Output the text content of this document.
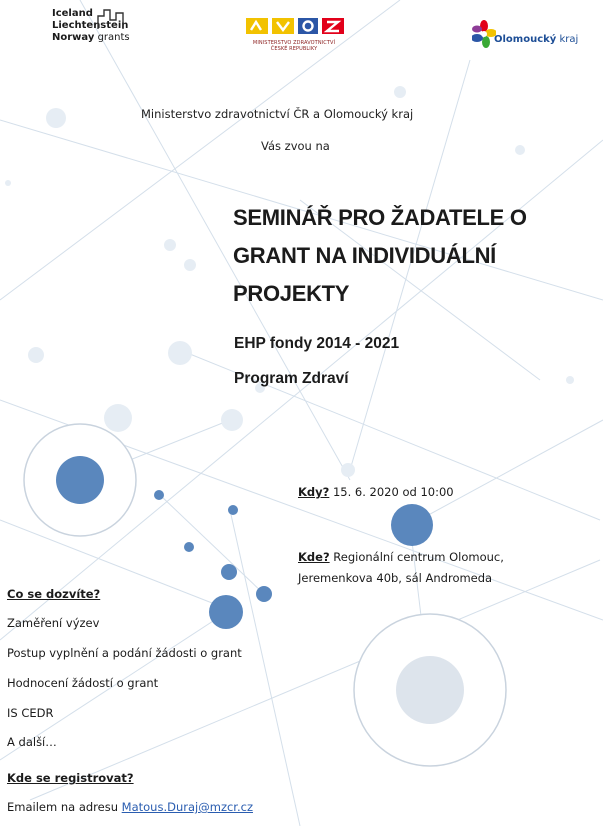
Iceland
Liechtenstein
Norway grants	MINISTERSTVO ZDRAVOTNICTVÍ
ČESKÉ REPUBLIKY
Olomoucký kraj
Ministerstvo zdravotnictví ČR a Olomoucký kraj
Vás zvou na
SEMINÁŘ PRO ŽADATELE O
GRANT NA INDIVIDUÁLNÍ
PROJEKTY
EHP fondy 2014 - 2021
Program Zdraví
Kdy? 15. 6. 2020 od 10:00
Kde? Regionální centrum Olomouc,
Jeremenkova 40b, sál Andromeda
Co se dozvíte?
Zaměření výzev
Postup vyplnění a podání žádosti o grant
Hodnocení žádostí o grant
IS CEDR
A další…
Kde se registrovat?
Emailem na adresu Matous.Duraj@mzcr.cz
